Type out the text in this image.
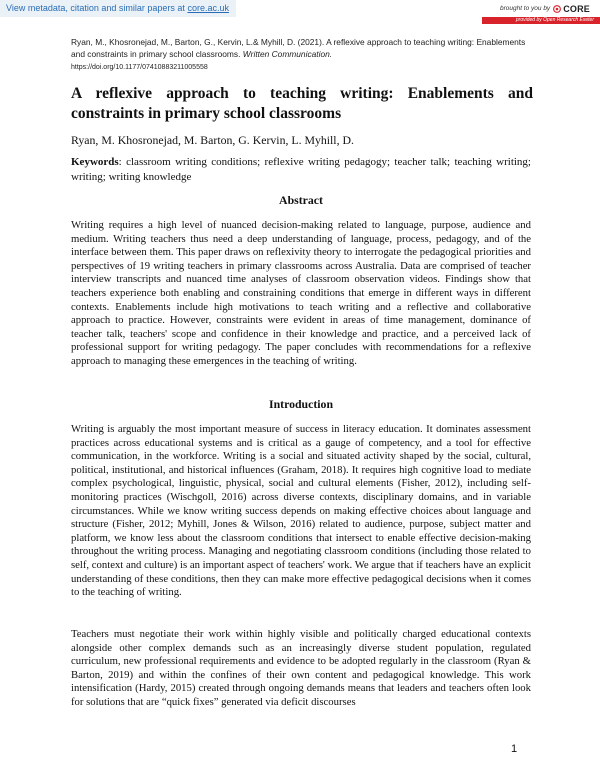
View metadata, citation and similar papers at core.ac.uk	brought to you by CORE
provided by Open Research Exeter
Ryan, M., Khosronejad, M., Barton, G., Kervin, L.& Myhill, D. (2021). A reflexive approach to teaching writing: Enablements and constraints in primary school classrooms. Written Communication.
https://doi.org/10.1177/07410883211005558
A reflexive approach to teaching writing: Enablements and constraints in primary school classrooms
Ryan, M. Khosronejad, M. Barton, G. Kervin, L. Myhill, D.
Keywords: classroom writing conditions; reflexive writing pedagogy; teacher talk; teaching writing; writing; writing knowledge
Abstract

Writing requires a high level of nuanced decision-making related to language, purpose, audience and medium. Writing teachers thus need a deep understanding of language, process, pedagogy, and of the interface between them. This paper draws on reflexivity theory to interrogate the pedagogical priorities and perspectives of 19 writing teachers in primary classrooms across Australia. Data are comprised of teacher interview transcripts and nuanced time analyses of classroom observation videos. Findings show that teachers experience both enabling and constraining conditions that emerge in different ways in different contexts. Enablements include high motivations to teach writing and a reflective and collaborative approach to practice. However, constraints were evident in areas of time management, dominance of teacher talk, teachers' scope and confidence in their knowledge and practice, and a perceived lack of professional support for writing pedagogy. The paper concludes with recommendations for a reflexive approach to managing these emergences in the teaching of writing.

Introduction

Writing is arguably the most important measure of success in literacy education. It dominates assessment practices across educational systems and is critical as a gauge of competency, and a tool for effective communication, in the workforce. Writing is a social and situated activity shaped by the social, cultural, political, institutional, and historical influences (Graham, 2018). It requires high cognitive load to mediate complex psychological, linguistic, physical, social and cultural elements (Fisher, 2012), including self-monitoring practices (Wischgoll, 2016) across diverse contexts, disciplinary domains, and in variable circumstances. While we know writing success depends on making effective choices about language and structure (Fisher, 2012; Myhill, Jones & Wilson, 2016) related to audience, purpose, subject matter and platform, we know less about the classroom conditions that intersect to enable effective decision-making throughout the writing process. Managing and negotiating classroom conditions (including those related to self, context and culture) is an important aspect of teachers' work. We argue that if teachers have an explicit understanding of these conditions, then they can make more effective pedagogical decisions when it comes to the teaching of writing.

Teachers must negotiate their work within highly visible and politically charged educational contexts alongside other complex demands such as an increasingly diverse student population, regulated curriculum, new professional requirements and evidence to be adopted regularly in the classroom (Ryan & Barton, 2019) and within the confines of their own content and pedagogical knowledge. This work intensification (Hardy, 2015) created through ongoing demands means that leaders and teachers often look for solutions that are “quick fixes” generated via deficit discourses

1
